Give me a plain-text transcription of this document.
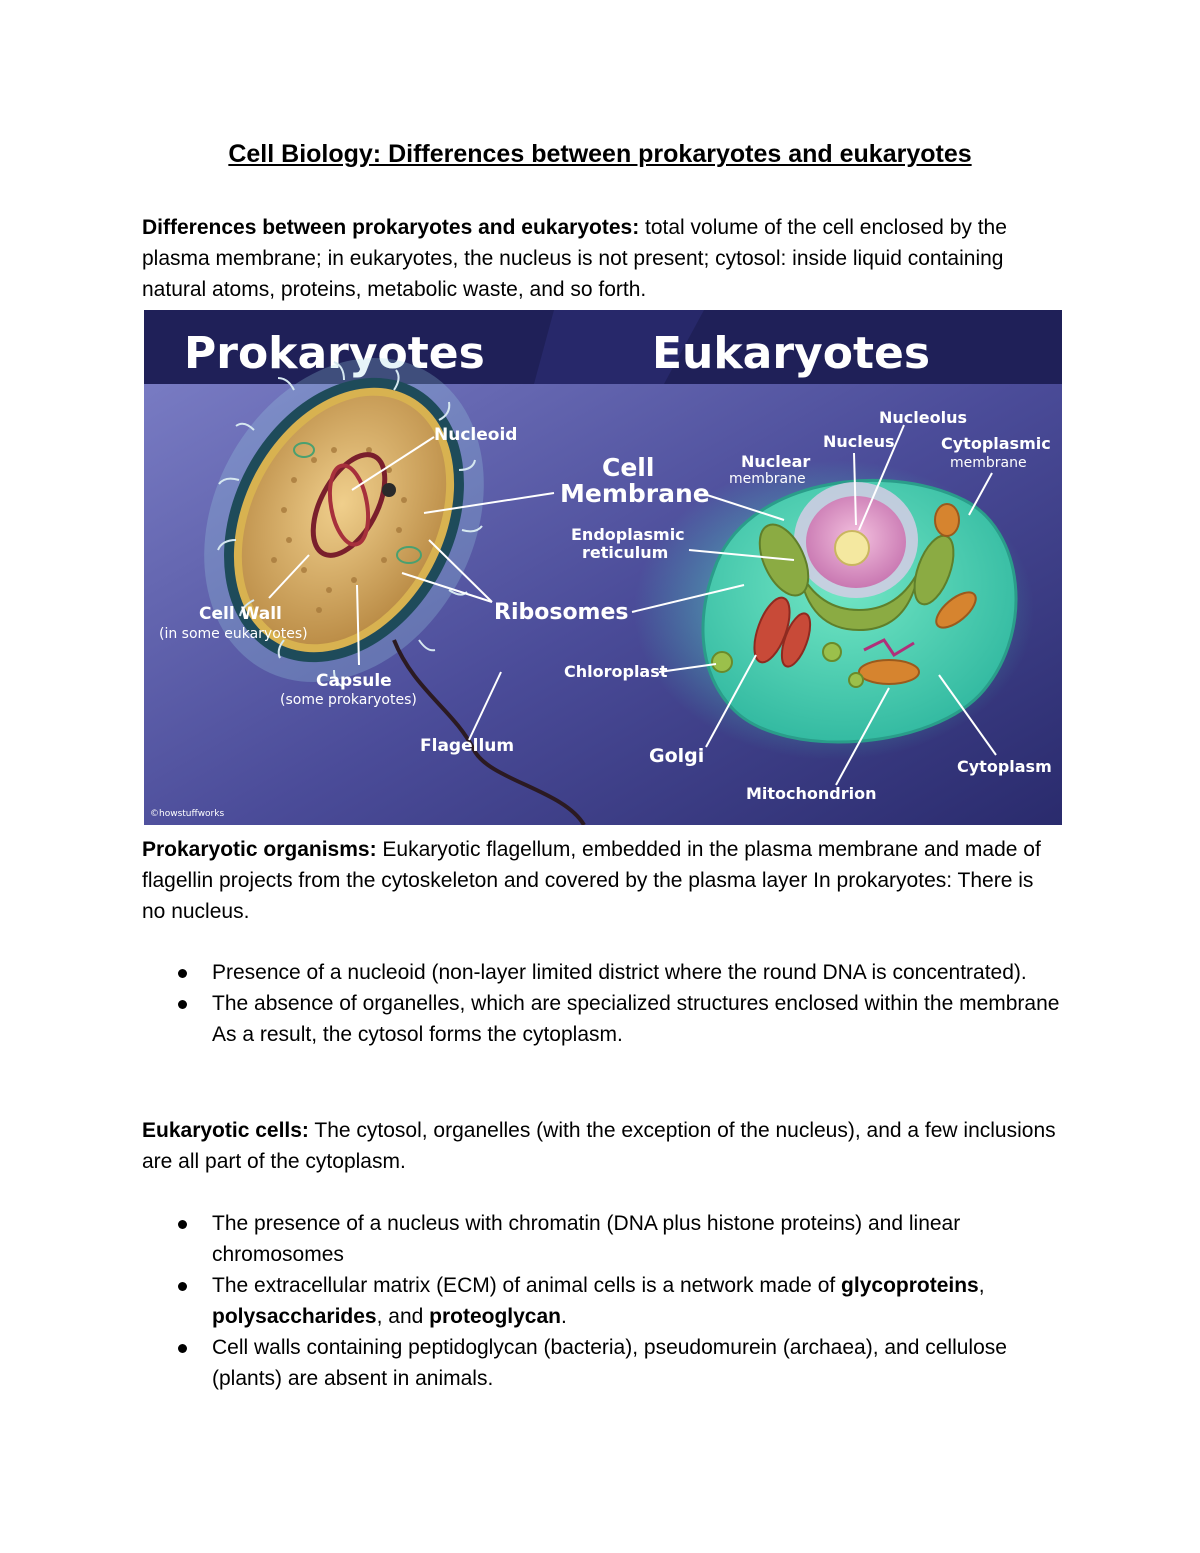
Cell Biology: Differences between prokaryotes and eukaryotes

Differences between prokaryotes and eukaryotes: total volume of the cell enclosed by the plasma membrane; in eukaryotes, the nucleus is not present; cytosol: inside liquid containing natural atoms, proteins, metabolic waste, and so forth.

Prokaryotes	Eukaryotes
Nucleoid
Cell
Membrane
Ribosomes
Cell Wall
(in some eukaryotes)
Capsule
(some prokaryotes)
Flagellum
Nucleolus
Nucleus
Nuclear
membrane
Cytoplasmic
membrane
Endoplasmic
reticulum
Chloroplast
Golgi
Mitochondrion
Cytoplasm
©howstuffworks

Prokaryotic organisms: Eukaryotic flagellum, embedded in the plasma membrane and made of flagellin projects from the cytoskeleton and covered by the plasma layer In prokaryotes: There is no nucleus.

Presence of a nucleoid (non-layer limited district where the round DNA is concentrated).
The absence of organelles, which are specialized structures enclosed within the membrane As a result, the cytosol forms the cytoplasm.

Eukaryotic cells: The cytosol, organelles (with the exception of the nucleus), and a few inclusions are all part of the cytoplasm.

The presence of a nucleus with chromatin (DNA plus histone proteins) and linear chromosomes
The extracellular matrix (ECM) of animal cells is a network made of glycoproteins, polysaccharides, and proteoglycan.
Cell walls containing peptidoglycan (bacteria), pseudomurein (archaea), and cellulose (plants) are absent in animals.
